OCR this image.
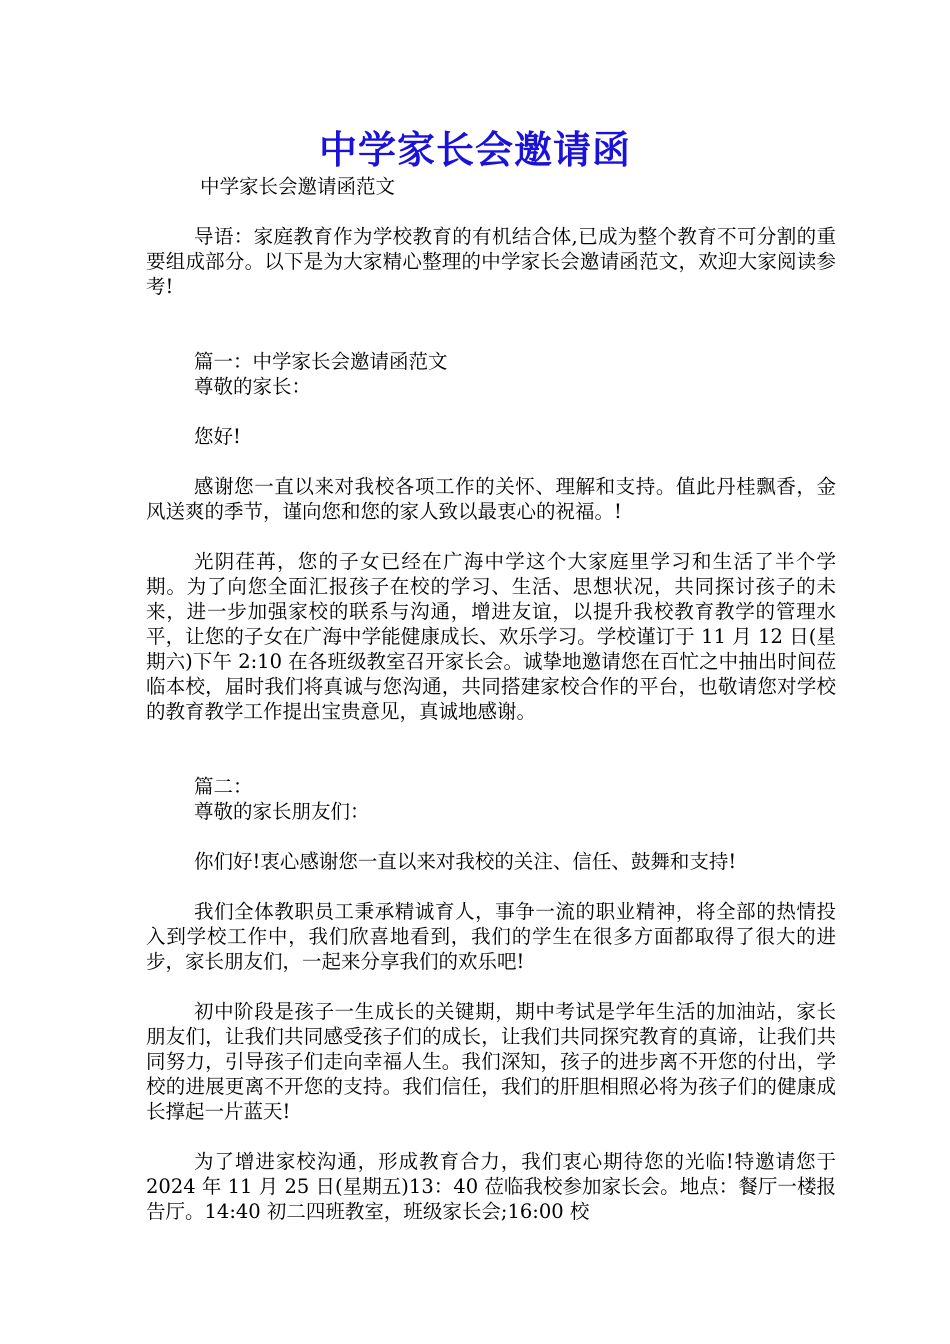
中学家长会邀请函
中学家长会邀请函范文
导语：家庭教育作为学校教育的有机结合体,已成为整个教育不可分割的重要组成部分。以下是为大家精心整理的中学家长会邀请函范文，欢迎大家阅读参考!
篇一：中学家长会邀请函范文
尊敬的家长：
您好!
感谢您一直以来对我校各项工作的关怀、理解和支持。值此丹桂飘香，金风送爽的季节，谨向您和您的家人致以最衷心的祝福。!
光阴荏苒，您的子女已经在广海中学这个大家庭里学习和生活了半个学期。为了向您全面汇报孩子在校的学习、生活、思想状况，共同探讨孩子的未来，进一步加强家校的联系与沟通，增进友谊，以提升我校教育教学的管理水平，让您的子女在广海中学能健康成长、欢乐学习。学校谨订于 11 月 12 日(星期六)下午 2:10 在各班级教室召开家长会。诚挚地邀请您在百忙之中抽出时间莅临本校，届时我们将真诚与您沟通，共同搭建家校合作的平台，也敬请您对学校的教育教学工作提出宝贵意见，真诚地感谢。
篇二：
尊敬的家长朋友们：
你们好!衷心感谢您一直以来对我校的关注、信任、鼓舞和支持!
我们全体教职员工秉承精诚育人，事争一流的职业精神，将全部的热情投入到学校工作中，我们欣喜地看到，我们的学生在很多方面都取得了很大的进步，家长朋友们，一起来分享我们的欢乐吧!
初中阶段是孩子一生成长的关键期，期中考试是学年生活的加油站，家长朋友们，让我们共同感受孩子们的成长，让我们共同探究教育的真谛，让我们共同努力，引导孩子们走向幸福人生。我们深知，孩子的进步离不开您的付出，学校的进展更离不开您的支持。我们信任，我们的肝胆相照必将为孩子们的健康成长撑起一片蓝天!
为了增进家校沟通，形成教育合力，我们衷心期待您的光临!特邀请您于 2024 年 11 月 25 日(星期五)13：40 莅临我校参加家长会。地点：餐厅一楼报告厅。14:40 初二四班教室，班级家长会;16:00 校
